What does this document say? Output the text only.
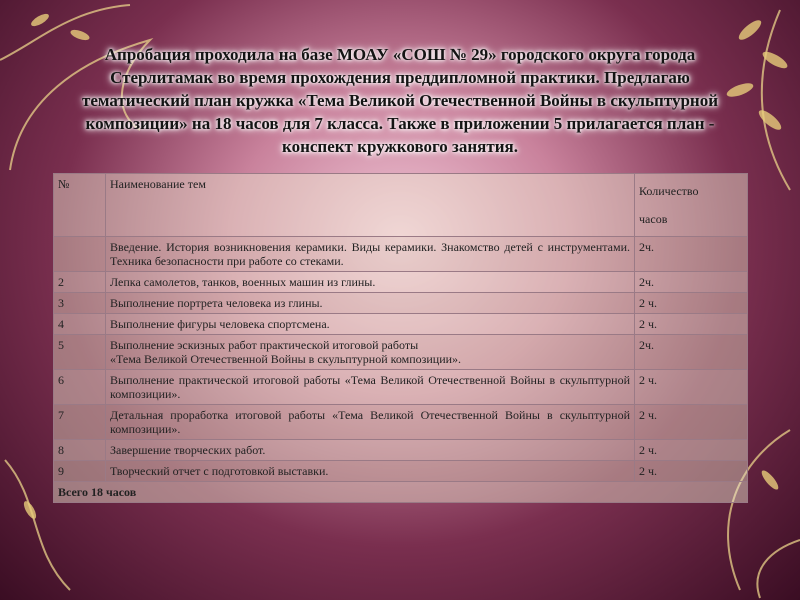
Апробация проходила на базе МОАУ «СОШ № 29» городского округа города Стерлитамак во время прохождения преддипломной практики. Предлагаю тематический план кружка «Тема Великой Отечественной Войны в скульптурной композиции» на 18 часов для 7 класса. Также в приложении 5 прилагается план - конспект кружкового занятия.
№	Наименование тем	Количество
часов

	Введение. История возникновения керамики. Виды керамики. Знакомство детей с инструментами. Техника безопасности при работе со стеками.	2ч.
2	Лепка самолетов, танков, военных машин из глины.	2ч.
3	Выполнение портрета человека из глины.	2 ч.
4	Выполнение фигуры человека спортсмена.	2 ч.
5	Выполнение эскизных работ практической итоговой работы
«Тема Великой Отечественной Войны в скульптурной композиции».	2ч.
6	Выполнение практической итоговой работы «Тема Великой Отечественной Войны в скульптурной композиции».	2 ч.
7	Детальная проработка итоговой работы «Тема Великой Отечественной Войны в скульптурной композиции».	2 ч.
8	Завершение творческих работ.	2 ч.
9	Творческий отчет с подготовкой выставки.	2 ч.
Всего 18 часов		
